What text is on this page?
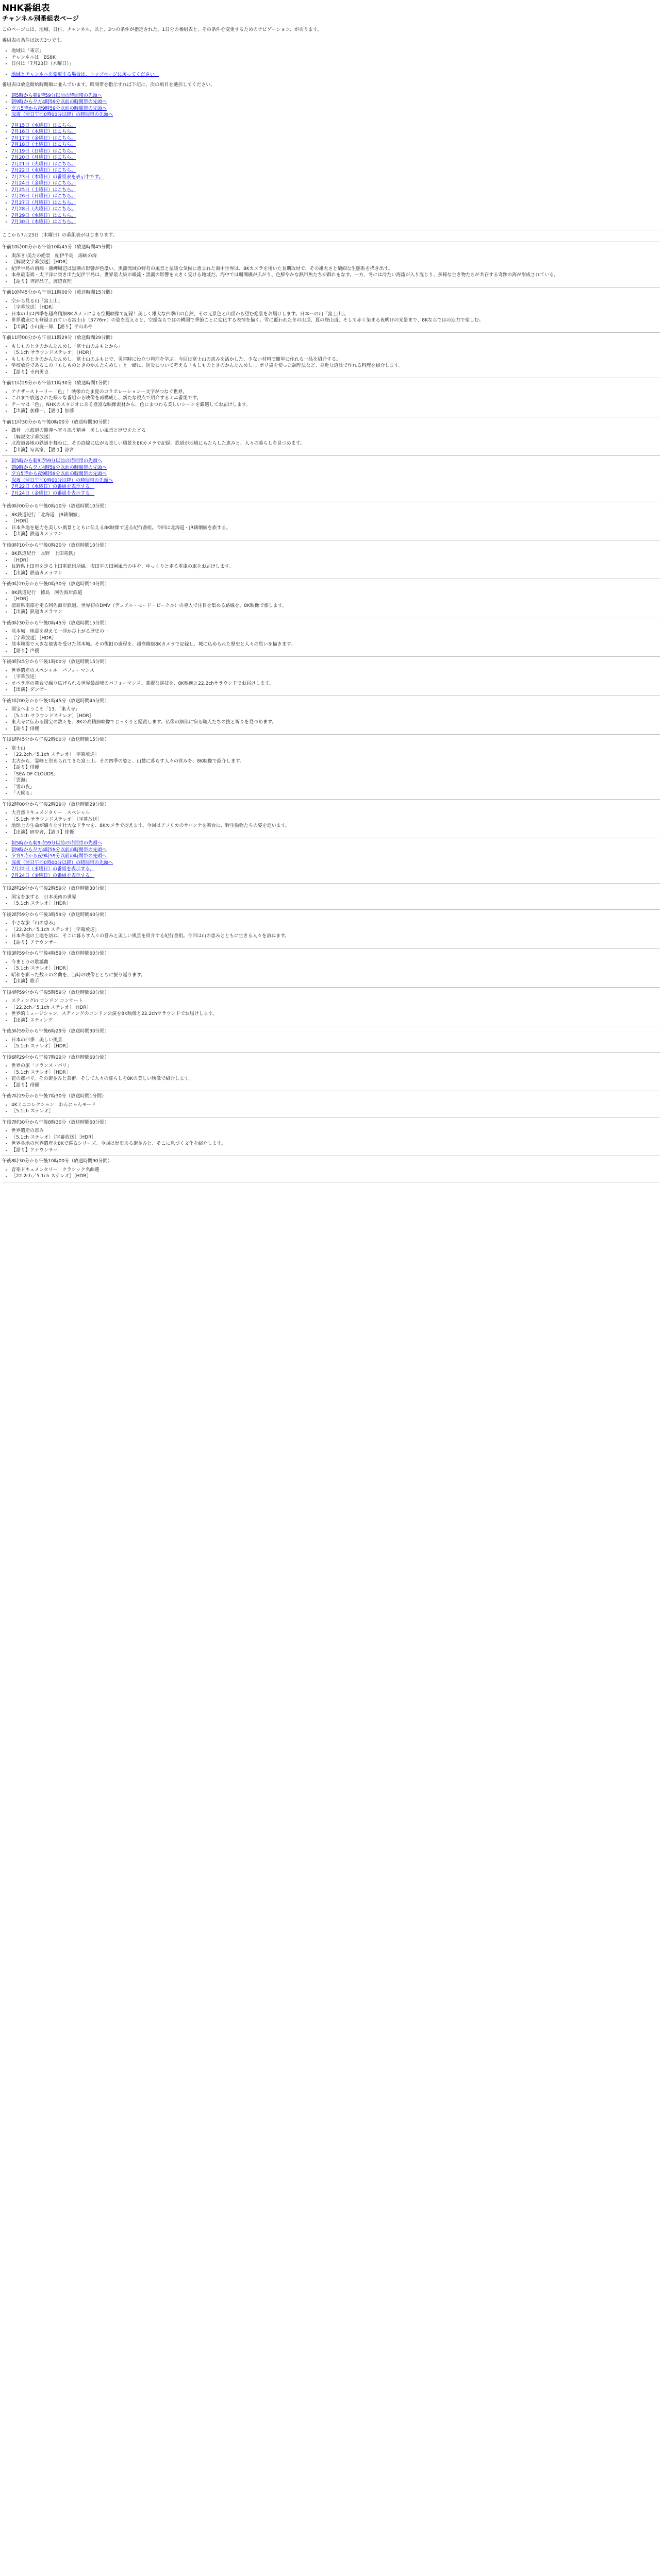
NHK番組表
チャンネル別番組表ページ

このページには、地域、日付、チャンネル、以上、3つの条件が指定された、1日分の番組表と、その条件を変更するためのナビゲーション、があります。

番組表の条件は次の3つです。

• 地域は「東京」
• チャンネルは「BS8K」
• 日付は「7月23日（木曜日）」
• 地域とチャンネルを変更する場合は、トップページに戻ってください。

番組表は放送開始時間順に並んでいます。時間帯を指示すれば下記に、次の項目を選択してください。

• 朝5時から朝9時59分以前の時間帯の先頭へ
• 朝9時から夕方4時59分以前の時間帯の先頭へ
• 夕方5時から夜9時59分以前の時間帯の先頭へ
• 深夜（翌日午前0時00分以降）の時間帯の先頭へ
• 7月15日（水曜日）はこちら。
• 7月16日（木曜日）はこちら。
• 7月17日（金曜日）はこちら。
• 7月18日（土曜日）はこちら。
• 7月19日（日曜日）はこちら。
• 7月20日（月曜日）はこちら。
• 7月21日（火曜日）はこちら。
• 7月22日（水曜日）はこちら。
• 7月23日（木曜日）の番組表を表示中です。
• 7月24日（金曜日）はこちら。
• 7月25日（土曜日）はこちら。
• 7月26日（日曜日）はこちら。
• 7月27日（月曜日）はこちら。
• 7月28日（火曜日）はこちら。
• 7月29日（水曜日）はこちら。
• 7月30日（木曜日）はこちら。

ここから7月23日（木曜日）の番組表がはじまります。

午前10時00分から午前10時45分（放送時間45分間）

• 奥深き!美たの絶景　紀伊半島　湯峡の海
• ［解説文字幕放送］［HDR］
• 紀伊半島の南端・潮岬周辺は黒潮の影響が色濃い。黒潮流域の特有の風景と温暖な気候に恵まれた海中世界は、8Kカメラを用いた長期取材で、その雄大さと繊細な生態系を描き出す。
• 本州最南端・太平洋に突き出た紀伊半島は、世界最大級の暖流・黒潮の影響を大きく受ける地域だ。海中では珊瑚礁が広がり、色鮮やかな熱帯魚たちが群れをなす。一方、冬には冷たい海流が入り混じり、多様な生き物たちが共存する奇跡の海が形成されている。
• 【語り】吉野晶子，渡辺真理

午前10時45分から午前11時00分（放送時間15分間）

• 空から見る山「富士山」
• ［字幕放送］［HDR］
• 日本の山は四季を超高精細8Kカメラによる空撮映像で記録！美しく雄大な四季山の自然、その元景色と山頂から望む絶景をお届けします。日本一の山「富士山」。
• 世界遺産にも登録されている富士山（3776m）の姿を捉えると、空撮ならではの構図で季節ごとに変化する表情を描く。雪に覆われた冬の山頂、夏の登山道、そして赤く染まる夜明けの光景まで、8Kならではの迫力で楽しむ。
• 【出演】小山慶一郎，【語り】平山あや

午前11時00分から午前11時29分（放送時間29分間）

• もしものときのかんたんめし「富士山のふもとから」
• ［5.1ch サラウンドステレオ］［HDR］
• もしものときのかんたんめし。富士山のふもとで、災害時に役立つ料理を学ぶ。今回は富士山の恵みを活かした、少ない材料で簡単に作れる一品を紹介する。
• 学校放送であるこの「もしものときのかんたんめし」と一緒に、防災について考える「もしものときのかんたんめし」。ポリ袋を使った調理法など、身近な道具で作れる料理を紹介します。
• 【語り】寺内勇也

午前11時29分から午前11時30分（放送時間1分間）

• アナザーストーリー「色」！映像のたま夏のコラボレーション－文字がつなぐ世界。
• これまで放送された様々な番組から映像を再構成し、新たな視点で紹介するミニ番組です。
• テーマは「色」。NHKのスタジオにある豊富な映像素材から、色にまつわる美しいシーンを厳選してお届けします。
• 【出演】加藤一，【語り】加藤

午前11時30分から午後0時00分（放送時間30分間）

• 鐡骨　北海道の開発へ寄り添う精神　美しい風景と歴史をたどる
• ［解説文字幕放送］
• 北海道各地の鉄道を舞台に、その沿線に広がる美しい風景を8Kカメラで記録。鉄道が地域にもたらした恵みと、人々の暮らしを見つめます。
• 【出演】写真家，【語り】涼宮
• 朝5時から朝9時59分以前の時間帯の先頭へ
• 朝9時から夕方4時59分以前の時間帯の先頭へ
• 夕方5時から夜9時59分以前の時間帯の先頭へ
• 深夜（翌日午前0時00分以降）の時間帯の先頭へ
• 7月22日（水曜日）の番組を表示する。
• 7月24日（金曜日）の番組を表示する。

午後0時00分から午後0時10分（放送時間10分間）

• 8K鉄道紀行「北海道　JR釧網線」
• ［HDR］
• 日本各地を魅力を美しい風景とともに伝える8K映像で送る紀行番組。今回は北海道・JR釧網線を旅する。
• 【出演】鉄道カメラマン

午後0時10分から午後0時20分（放送時間10分間）

• 8K鉄道紀行「長野　上田電鉄」
• ［HDR］
• 長野県上田市を走る上田電鉄別所線。塩田平の田園風景の中を、ゆっくりと走る電車の旅をお届けします。
• 【出演】鉄道カメラマン

午後0時20分から午後0時30分（放送時間10分間）

• 8K鉄道紀行　徳島　阿佐海岸鉄道
• ［HDR］
• 徳島県南部を走る阿佐海岸鉄道。世界初のDMV（デュアル・モード・ビークル）の導入で注目を集める路線を、8K映像で旅します。
• 【出演】鉄道カメラマン

午後0時30分から午後0時45分（放送時間15分間）

• 熊本城　地震を越えて一浮かび上がる歴史の一
• ［字幕放送］［HDR］
• 熊本地震で大きな被害を受けた熊本城。その復旧の過程を、超高精細8Kカメラで記録し、城に込められた歴史と人々の思いを描きます。
• 【語り】声優

午後0時45分から午後1時00分（放送時間15分間）

• 世界遺産のスペシャル　パフォーマンス
• ［字幕放送］
• オペラ座の舞台で繰り広げられる世界最高峰のパフォーマンス。華麗な演技を、8K映像と22.2chサラウンドでお届けします。
• 【出演】ダンサー

午後1時00分から午後1時45分（放送時間45分間）

• 国宝へようこそ「13」「東大寺」
• ［5.1ch サラウンドステレオ］［HDR］
• 東大寺に伝わる国宝の数々を、8Kの高精細映像でじっくりと鑑賞します。仏像の細部に宿る職人たちの技と祈りを見つめます。
• 【語り】俳優

午後1時45分から午後2時00分（放送時間15分間）

• 富士山
• ［22.2ch／5.1ch ステレオ］［字幕放送］
• 太古から、霊峰と崇められてきた富士山。その四季の姿と、山麓に暮らす人々の営みを、8K映像で紹介します。
• 【語り】俳優
• 「SEA OF CLOUDS」
• 「雲海」
• 「雪の夜」
• 「天候る」

午後2時00分から午後2時29分（放送時間29分間）

• 大自然ドキュメンタリー　スペシャル
• ［5.1ch サラウンドステレオ］［字幕放送］
• 地球上の生命が織りなす壮大なドラマを、8Kカメラで捉えます。今回はアフリカのサバンナを舞台に、野生動物たちの姿を追います。
• 【出演】研究者，【語り】俳優
• 朝5時から朝9時59分以前の時間帯の先頭へ
• 朝9時から夕方4時59分以前の時間帯の先頭へ
• 夕方5時から夜9時59分以前の時間帯の先頭へ
• 深夜（翌日午前0時00分以降）の時間帯の先頭へ
• 7月22日（水曜日）の番組を表示する。
• 7月24日（金曜日）の番組を表示する。

午後2時29分から午後2時59分（放送時間30分間）

• 国宝を旅する　日本美術の世界
• ［5.1ch ステレオ］［HDR］

午後2時59分から午後3時59分（放送時間60分間）

• 小さな旅「山の恵み」
• ［22.2ch／5.1ch ステレオ］［字幕放送］
• 日本各地の土地を訪ね、そこに暮らす人々の営みと美しい風景を紹介する紀行番組。今回は山の恵みとともに生きる人々を訪ねます。
• 【語り】アナウンサー

午後3時59分から午後4時59分（放送時間60分間）

• 今まとりの歌謡曲
• ［5.1ch ステレオ］［HDR］
• 昭和を彩った数々の名曲を、当時の映像とともに振り返ります。
• 【出演】歌手

午後4時59分から午後5時59分（放送時間60分間）

• スティングin ロンドン コンサート
• ［22.2ch／5.1ch ステレオ］［HDR］
• 世界的ミュージシャン、スティングのロンドン公演を8K映像と22.2chサラウンドでお届けします。
• 【出演】スティング

午後5時59分から午後6時29分（放送時間30分間）

• 日本の四季　美しい風景
• ［5.1ch ステレオ］［HDR］

午後6時29分から午後7時29分（放送時間60分間）

• 世界の旅「フランス・パリ」
• ［5.1ch ステレオ］［HDR］
• 花の都パリ。その街並みと芸術、そして人々の暮らしを8Kの美しい映像で紹介します。
• 【語り】俳優

午後7時29分から午後7時30分（放送時間1分間）

• 4Kミニコレクション　わんにゃんモード
• ［5.1ch ステレオ］

午後7時30分から午後8時30分（放送時間60分間）

• 世界遺産の恵み
• ［5.1ch ステレオ］［字幕放送］［HDR］
• 世界各地の世界遺産を8Kで巡るシリーズ。今回は歴史ある街並みと、そこに息づく文化を紹介します。
• 【語り】アナウンサー

午後8時30分から午後10時00分（放送時間90分間）

• 音楽ドキュメンタリー　クラシック名曲選
• ［22.2ch／5.1ch ステレオ］［HDR］
